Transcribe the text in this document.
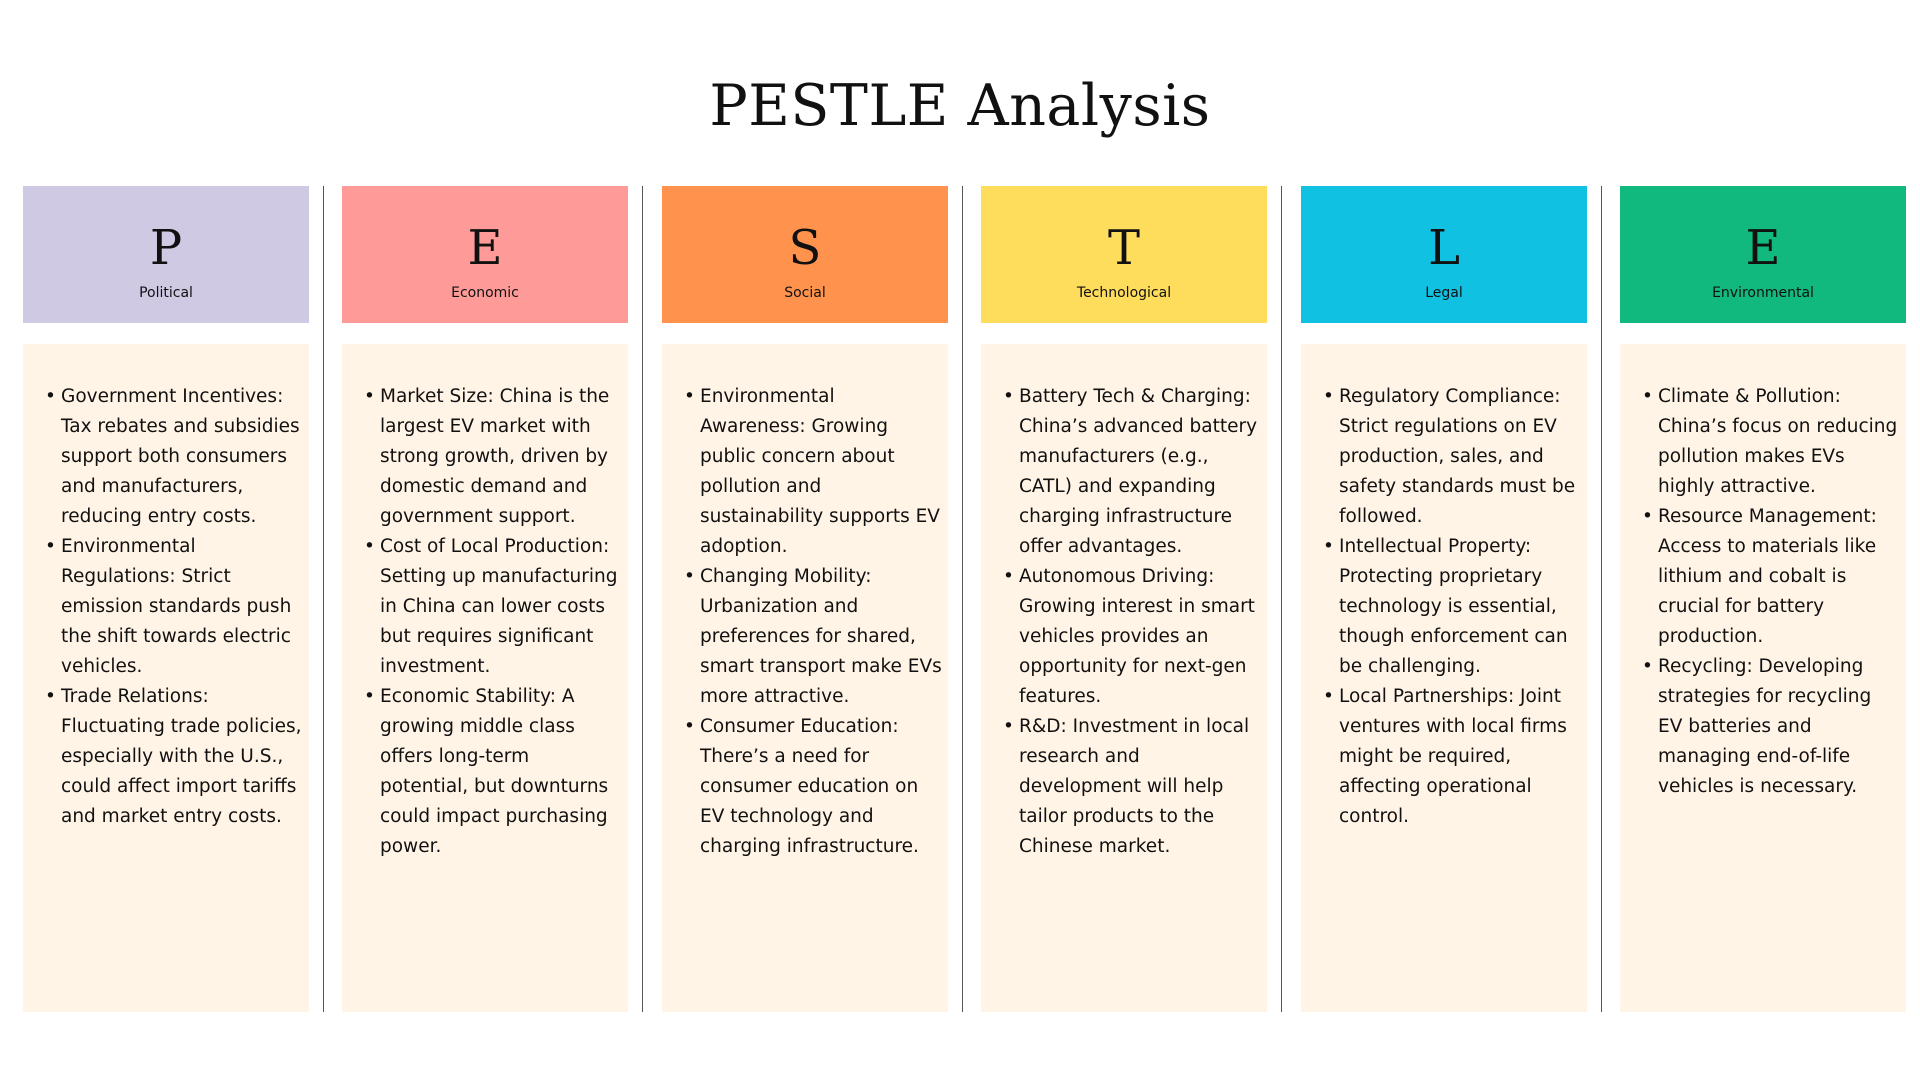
PESTLE Analysis
P
Political
• Government Incentives: Tax rebates and subsidies support both consumers and manufacturers, reducing entry costs.
• Environmental Regulations: Strict emission standards push the shift towards electric vehicles.
• Trade Relations: Fluctuating trade policies, especially with the U.S., could affect import tariffs and market entry costs.
E
Economic
• Market Size: China is the largest EV market with strong growth, driven by domestic demand and government support.
• Cost of Local Production: Setting up manufacturing in China can lower costs but requires significant investment.
• Economic Stability: A growing middle class offers long-term potential, but downturns could impact purchasing power.
S
Social
• Environmental Awareness: Growing public concern about pollution and sustainability supports EV adoption.
• Changing Mobility: Urbanization and preferences for shared, smart transport make EVs more attractive.
• Consumer Education: There’s a need for consumer education on EV technology and charging infrastructure.
T
Technological
• Battery Tech & Charging: China’s advanced battery manufacturers (e.g., CATL) and expanding charging infrastructure offer advantages.
• Autonomous Driving: Growing interest in smart vehicles provides an opportunity for next-gen features.
• R&D: Investment in local research and development will help tailor products to the Chinese market.
L
Legal
• Regulatory Compliance: Strict regulations on EV production, sales, and safety standards must be followed.
• Intellectual Property: Protecting proprietary technology is essential, though enforcement can be challenging.
• Local Partnerships: Joint ventures with local firms might be required, affecting operational control.
E
Environmental
• Climate & Pollution: China’s focus on reducing pollution makes EVs highly attractive.
• Resource Management: Access to materials like lithium and cobalt is crucial for battery production.
• Recycling: Developing strategies for recycling EV batteries and managing end-of-life vehicles is necessary.
